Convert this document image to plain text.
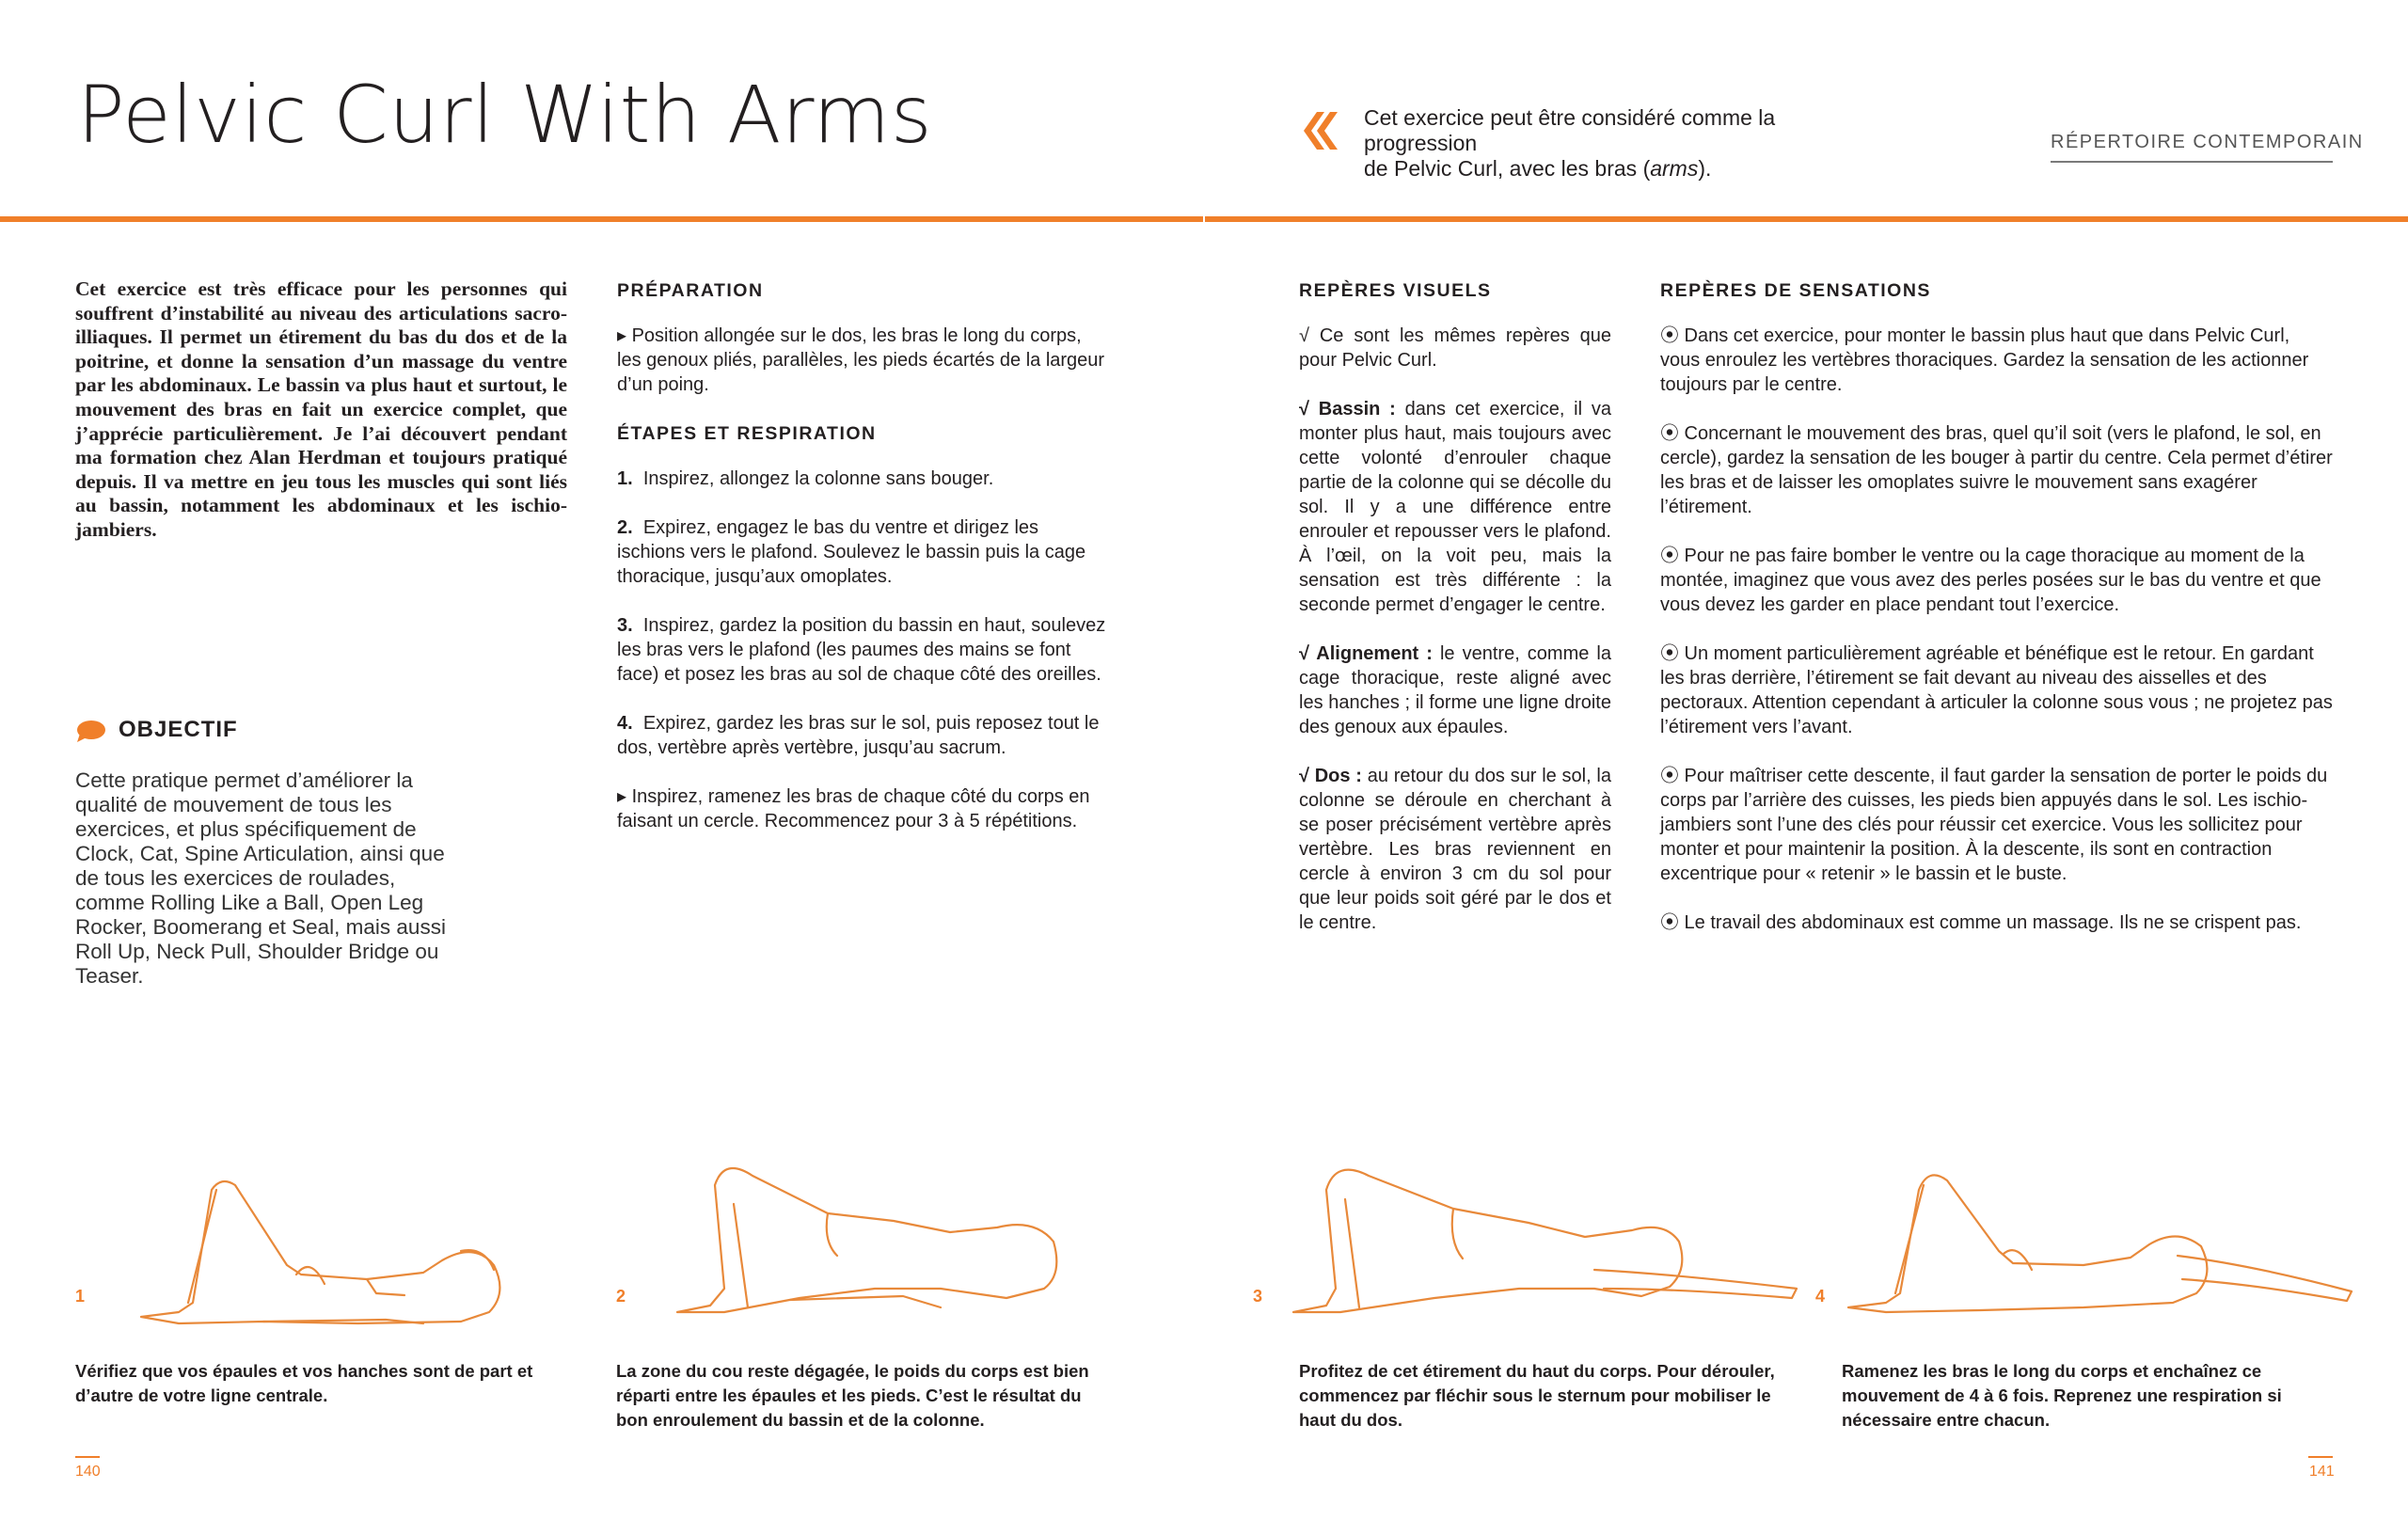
Pelvic Curl With Arms	Cet exercice peut être considéré comme la progression
de Pelvic Curl, avec les bras (arms).
RÉPERTOIRE CONTEMPORAIN
Cet exercice est très efficace pour les personnes qui souffrent d’instabilité au niveau des articulations sacro-illiaques. Il permet un étirement du bas du dos et de la poitrine, et donne la sensation d’un massage du ventre par les abdominaux. Le bassin va plus haut et surtout, le mouvement des bras en fait un exercice complet, que j’apprécie particulièrement. Je l’ai découvert pendant ma formation chez Alan Herdman et toujours pratiqué depuis. Il va mettre en jeu tous les muscles qui sont liés au bassin, notamment les abdominaux et les ischio-jambiers.
OBJECTIF
Cette pratique permet d’améliorer la qualité de mouvement de tous les exercices, et plus spécifiquement de Clock, Cat, Spine Articulation, ainsi que de tous les exercices de roulades, comme Rolling Like a Ball, Open Leg Rocker, Boomerang et Seal, mais aussi Roll Up, Neck Pull, Shoulder Bridge ou Teaser.
PRÉPARATION

▸ Position allongée sur le dos, les bras le long du corps, les genoux pliés, parallèles, les pieds écartés de la largeur d’un poing.

ÉTAPES ET RESPIRATION

1. Inspirez, allongez la colonne sans bouger.

2. Expirez, engagez le bas du ventre et dirigez les ischions vers le plafond. Soulevez le bassin puis la cage thoracique, jusqu’aux omoplates.

3. Inspirez, gardez la position du bassin en haut, soulevez les bras vers le plafond (les paumes des mains se font face) et posez les bras au sol de chaque côté des oreilles.

4. Expirez, gardez les bras sur le sol, puis reposez tout le dos, vertèbre après vertèbre, jusqu’au sacrum.

▸ Inspirez, ramenez les bras de chaque côté du corps en faisant un cercle. Recommencez pour 3 à 5 répétitions.

REPÈRES VISUELS

√ Ce sont les mêmes repères que pour Pelvic Curl.

√ Bassin : dans cet exercice, il va monter plus haut, mais toujours avec cette volonté d’enrouler chaque partie de la colonne qui se décolle du sol. Il y a une différence entre enrouler et repousser vers le plafond. À l’œil, on la voit peu, mais la sensation est très différente : la seconde permet d’engager le centre.

√ Alignement : le ventre, comme la cage thoracique, reste aligné avec les hanches ; il forme une ligne droite des genoux aux épaules.

√ Dos : au retour du dos sur le sol, la colonne se déroule en cherchant à se poser précisément vertèbre après vertèbre. Les bras reviennent en cercle à environ 3 cm du sol pour que leur poids soit géré par le dos et le centre.

REPÈRES DE SENSATIONS

⦿ Dans cet exercice, pour monter le bassin plus haut que dans Pelvic Curl, vous enroulez les vertèbres thoraciques. Gardez la sensation de les actionner toujours par le centre.

⦿ Concernant le mouvement des bras, quel qu’il soit (vers le plafond, le sol, en cercle), gardez la sensation de les bouger à partir du centre. Cela permet d’étirer les bras et de laisser les omoplates suivre le mouvement sans exagérer l’étirement.

⦿ Pour ne pas faire bomber le ventre ou la cage thoracique au moment de la montée, imaginez que vous avez des perles posées sur le bas du ventre et que vous devez les garder en place pendant tout l’exercice.

⦿ Un moment particulièrement agréable et bénéfique est le retour. En gardant les bras derrière, l’étirement se fait devant au niveau des aisselles et des pectoraux. Attention cependant à articuler la colonne sous vous ; ne projetez pas l’étirement vers l’avant.

⦿ Pour maîtriser cette descente, il faut garder la sensation de porter le poids du corps par l’arrière des cuisses, les pieds bien appuyés dans le sol. Les ischio-jambiers sont l’une des clés pour réussir cet exercice. Vous les sollicitez pour monter et pour maintenir la position. À la descente, ils sont en contraction excentrique pour « retenir » le bassin et le buste.

⦿ Le travail des abdominaux est comme un massage. Ils ne se crispent pas.

1
Vérifiez que vos épaules et vos hanches sont de part et d’autre de votre ligne centrale.
2
La zone du cou reste dégagée, le poids du corps est bien réparti entre les épaules et les pieds. C’est le résultat du bon enroulement du bassin et de la colonne.
3
Profitez de cet étirement du haut du corps. Pour dérouler, commencez par fléchir sous le sternum pour mobiliser le haut du dos.
4
Ramenez les bras le long du corps et enchaînez ce mouvement de 4 à 6 fois. Reprenez une respiration si nécessaire entre chacun.
140	141
